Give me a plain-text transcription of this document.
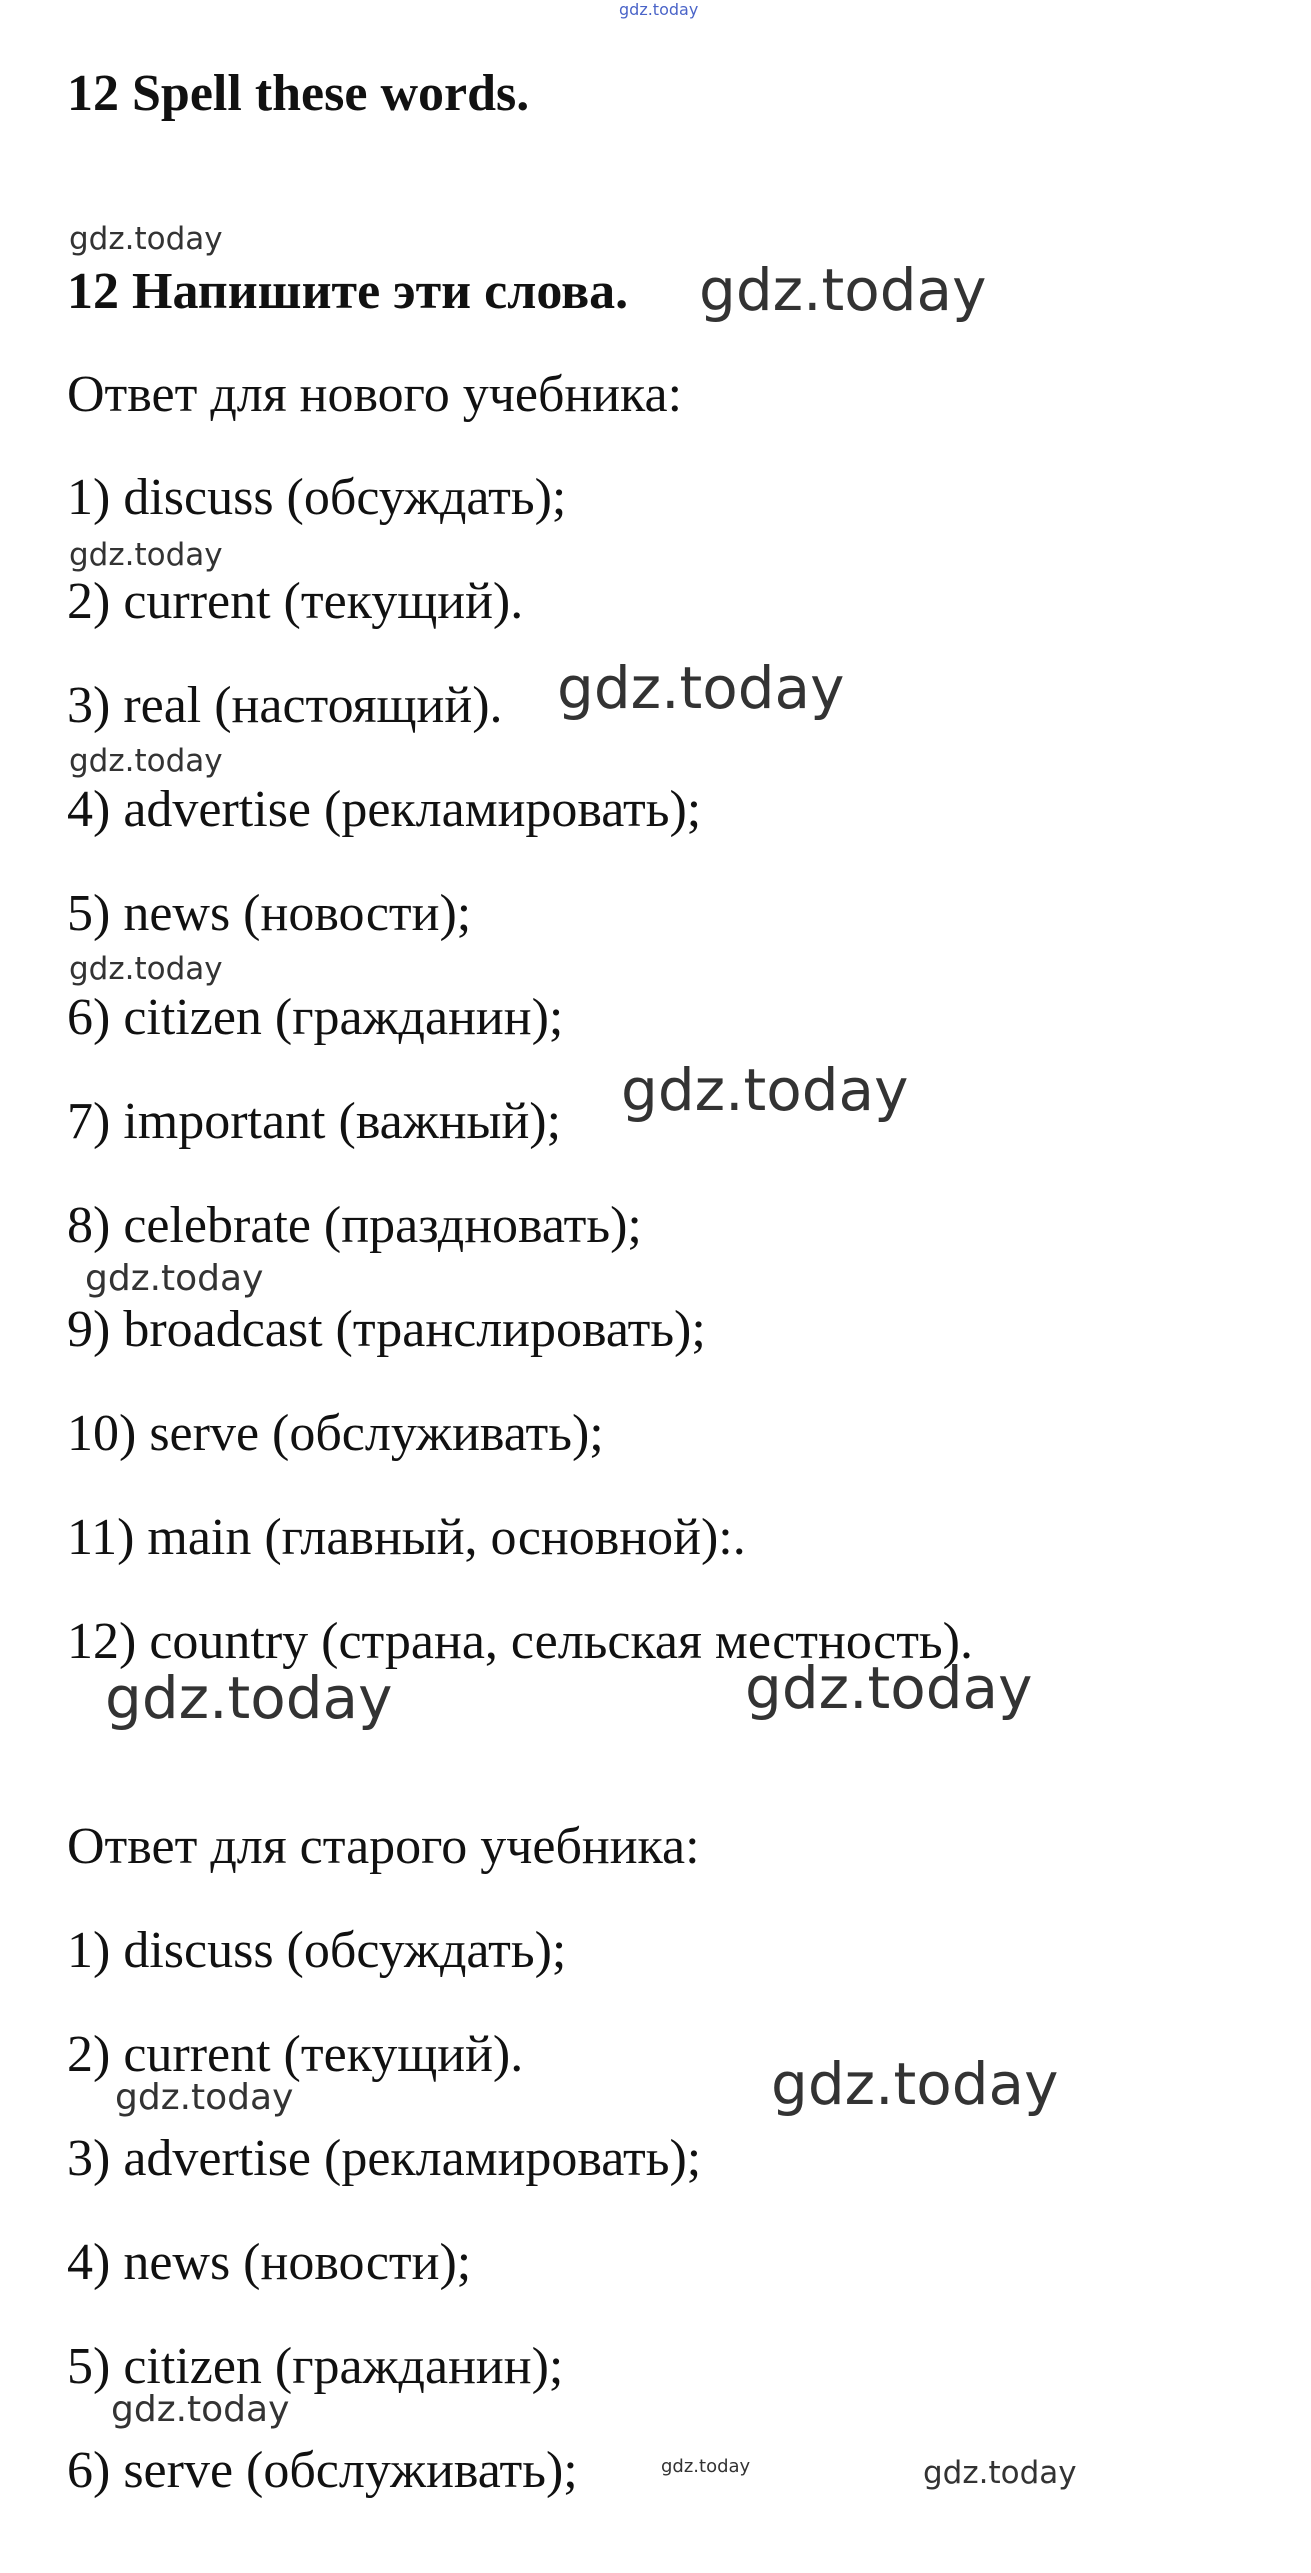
gdz.today
12 Spell these words.
gdz.today
12 Напишите эти слова. gdz.today
Ответ для нового учебника:
1) discuss (обсуждать);
gdz.today
2) current (текущий).
3) real (настоящий). gdz.today
gdz.today
4) advertise (рекламировать);
5) news (новости);
gdz.today
6) citizen (гражданин);
7) important (важный); gdz.today
8) celebrate (праздновать);
gdz.today
9) broadcast (транслировать);
10) serve (обслуживать);
11) main (главный, основной):.
12) country (страна, сельская местность).
gdz.today	gdz.today
Ответ для старого учебника:
1) discuss (обсуждать);
2) current (текущий).
gdz.today	gdz.today
3) advertise (рекламировать);
4) news (новости);
5) citizen (гражданин);
gdz.today
6) serve (обслуживать);	gdz.today	gdz.today
